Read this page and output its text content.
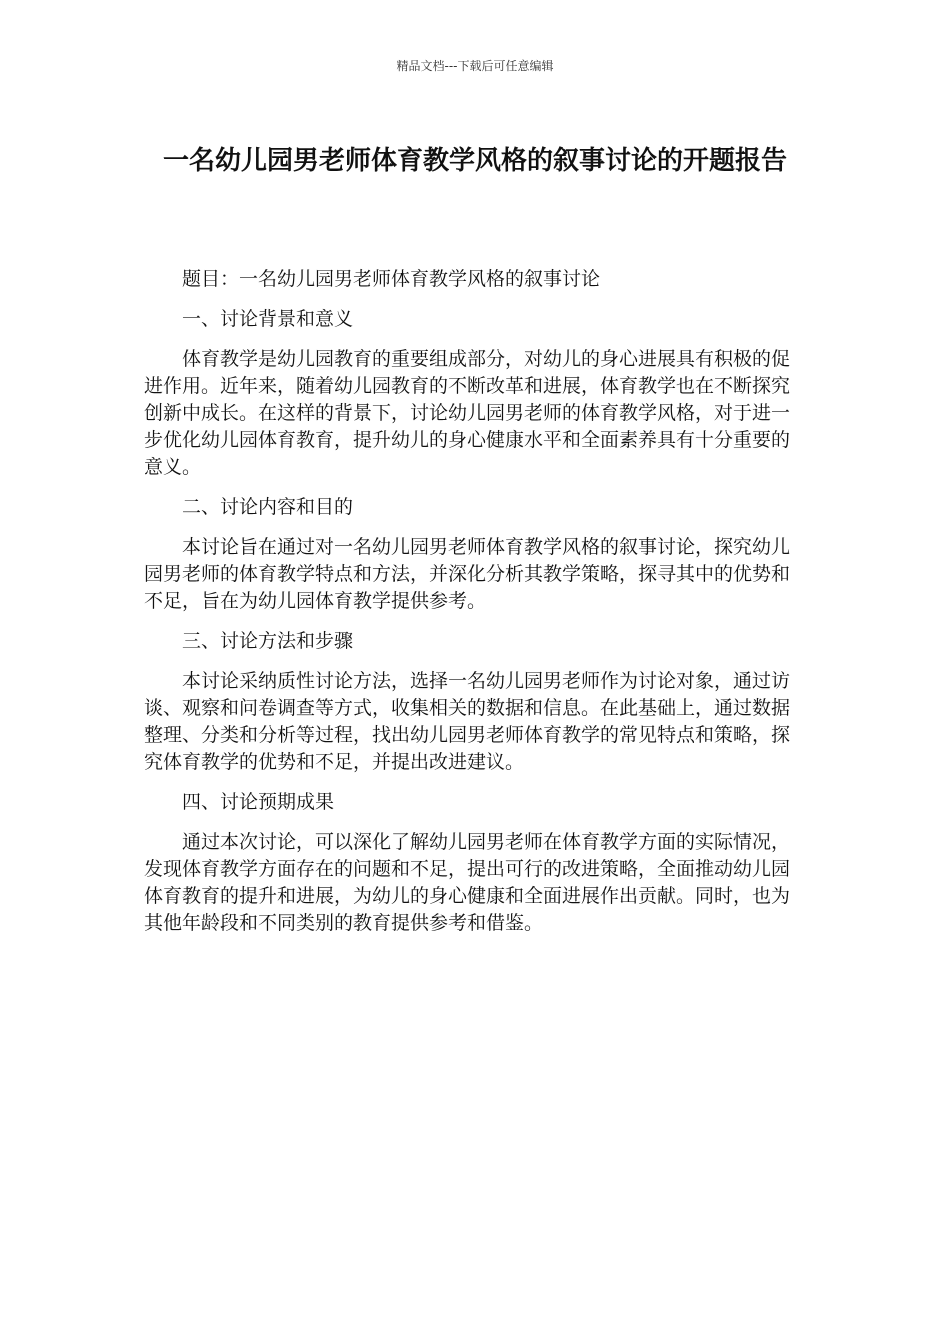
精品文档---下载后可任意编辑
一名幼儿园男老师体育教学风格的叙事讨论的开题报告

题目：一名幼儿园男老师体育教学风格的叙事讨论

一、讨论背景和意义

体育教学是幼儿园教育的重要组成部分，对幼儿的身心进展具有积极的促进作用。近年来，随着幼儿园教育的不断改革和进展，体育教学也在不断探究创新中成长。在这样的背景下，讨论幼儿园男老师的体育教学风格，对于进一步优化幼儿园体育教育，提升幼儿的身心健康水平和全面素养具有十分重要的意义。

二、讨论内容和目的

本讨论旨在通过对一名幼儿园男老师体育教学风格的叙事讨论，探究幼儿园男老师的体育教学特点和方法，并深化分析其教学策略，探寻其中的优势和不足，旨在为幼儿园体育教学提供参考。

三、讨论方法和步骤

本讨论采纳质性讨论方法，选择一名幼儿园男老师作为讨论对象，通过访谈、观察和问卷调查等方式，收集相关的数据和信息。在此基础上，通过数据整理、分类和分析等过程，找出幼儿园男老师体育教学的常见特点和策略，探究体育教学的优势和不足，并提出改进建议。

四、讨论预期成果

通过本次讨论，可以深化了解幼儿园男老师在体育教学方面的实际情况，发现体育教学方面存在的问题和不足，提出可行的改进策略，全面推动幼儿园体育教育的提升和进展，为幼儿的身心健康和全面进展作出贡献。同时，也为其他年龄段和不同类别的教育提供参考和借鉴。
